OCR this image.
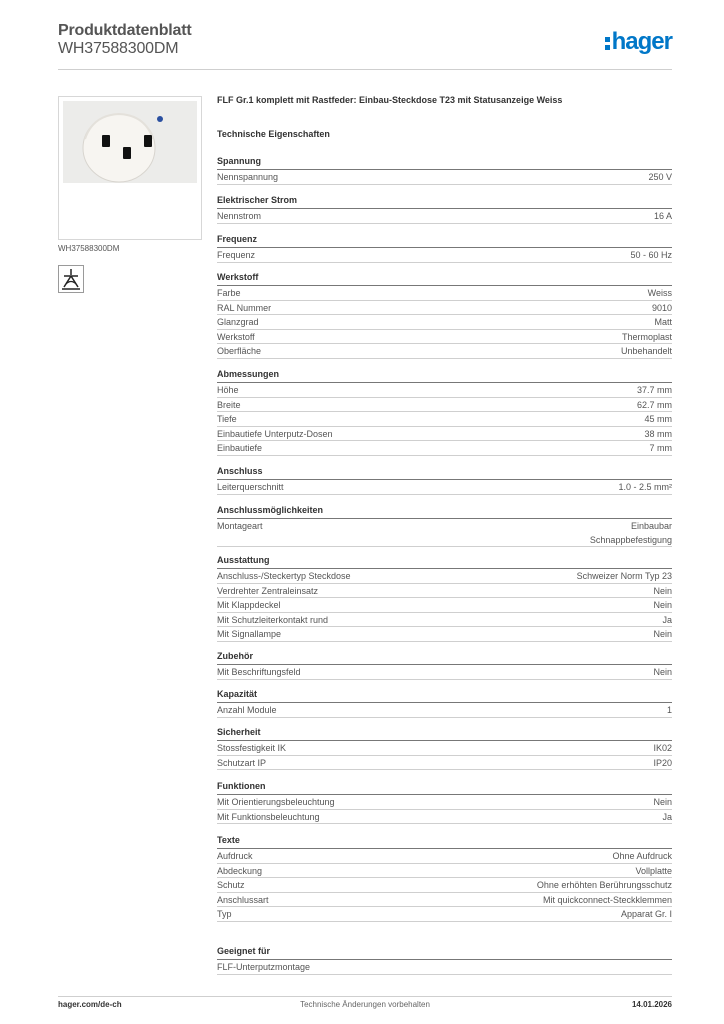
Produktdatenblatt
WH37588300DM	hager
WH37588300DM
FLF Gr.1 komplett mit Rastfeder: Einbau-Steckdose T23 mit Statusanzeige Weiss
Technische Eigenschaften
Spannung
Nennspannung	250 V
Elektrischer Strom
Nennstrom	16 A
Frequenz
Frequenz	50 - 60 Hz
Werkstoff
Farbe	Weiss
RAL Nummer	9010
Glanzgrad	Matt
Werkstoff	Thermoplast
Oberfläche	Unbehandelt
Abmessungen
Höhe	37.7 mm
Breite	62.7 mm
Tiefe	45 mm
Einbautiefe Unterputz-Dosen	38 mm
Einbautiefe	7 mm
Anschluss
Leiterquerschnitt	1.0 - 2.5 mm²
Anschlussmöglichkeiten
Montageart	Einbaubar
Schnappbefestigung
Ausstattung
Anschluss-/Steckertyp Steckdose	Schweizer Norm Typ 23
Verdrehter Zentraleinsatz	Nein
Mit Klappdeckel	Nein
Mit Schutzleiterkontakt rund	Ja
Mit Signallampe	Nein
Zubehör
Mit Beschriftungsfeld	Nein
Kapazität
Anzahl Module	1
Sicherheit
Stossfestigkeit IK	IK02
Schutzart IP	IP20
Funktionen
Mit Orientierungsbeleuchtung	Nein
Mit Funktionsbeleuchtung	Ja
Texte
Aufdruck	Ohne Aufdruck
Abdeckung	Vollplatte
Schutz	Ohne erhöhten Berührungsschutz
Anschlussart	Mit quickconnect-Steckklemmen
Typ	Apparat Gr. I
Geeignet für
FLF-Unterputzmontage
hager.com/de-ch	Technische Änderungen vorbehalten	14.01.2026
